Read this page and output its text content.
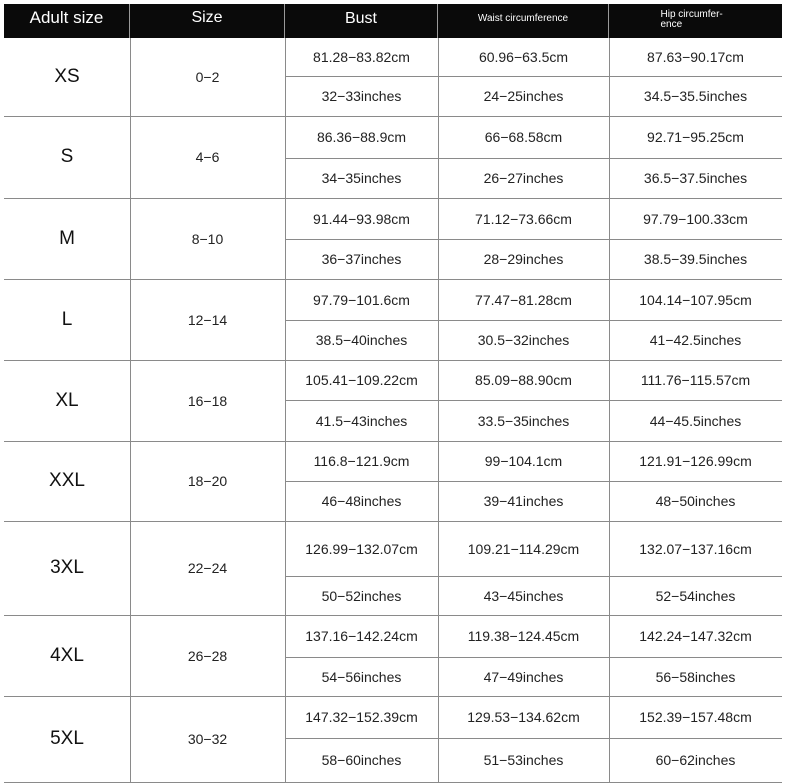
Adult size	Size	Bust	Waist circumference	Hip circumfer- ence
XS	0−2
81.28−83.82cm	60.96−63.5cm	87.63−90.17cm
32−33inches	24−25inches	34.5−35.5inches
S	4−6
86.36−88.9cm	66−68.58cm	92.71−95.25cm
34−35inches	26−27inches	36.5−37.5inches
M	8−10
91.44−93.98cm	71.12−73.66cm	97.79−100.33cm
36−37inches	28−29inches	38.5−39.5inches
L	12−14
97.79−101.6cm	77.47−81.28cm	104.14−107.95cm
38.5−40inches	30.5−32inches	41−42.5inches
XL	16−18
105.41−109.22cm	85.09−88.90cm	111.76−115.57cm
41.5−43inches	33.5−35inches	44−45.5inches
XXL	18−20
116.8−121.9cm	99−104.1cm	121.91−126.99cm
46−48inches	39−41inches	48−50inches
3XL	22−24
126.99−132.07cm	109.21−114.29cm	132.07−137.16cm
50−52inches	43−45inches	52−54inches
4XL	26−28
137.16−142.24cm	119.38−124.45cm	142.24−147.32cm
54−56inches	47−49inches	56−58inches
5XL	30−32
147.32−152.39cm	129.53−134.62cm	152.39−157.48cm
58−60inches	51−53inches	60−62inches
